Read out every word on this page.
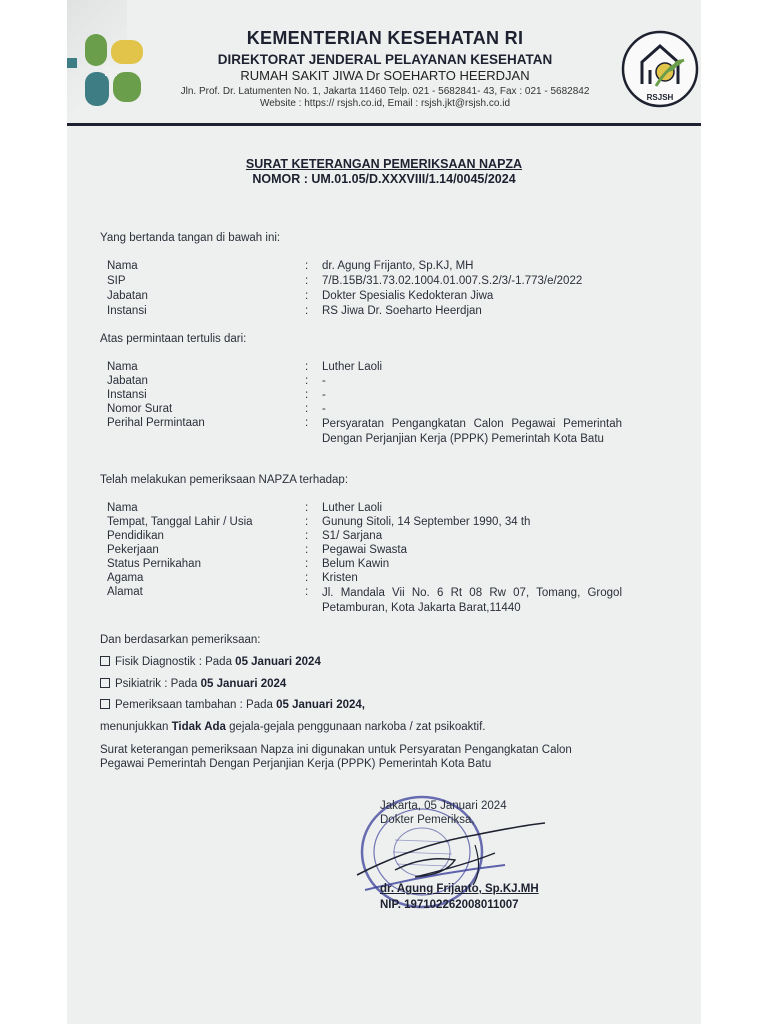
KEMENTERIAN KESEHATAN RI
DIREKTORAT JENDERAL PELAYANAN KESEHATAN
RUMAH SAKIT JIWA Dr SOEHARTO HEERDJAN
Jln. Prof. Dr. Latumenten No. 1, Jakarta 11460 Telp. 021 - 5682841- 43, Fax : 021 - 5682842
Website : https:// rsjsh.co.id, Email : rsjsh.jkt@rsjsh.co.id
RSJSH
SURAT KETERANGAN PEMERIKSAAN NAPZA
NOMOR : UM.01.05/D.XXXVIII/1.14/0045/2024
Yang bertanda tangan di bawah ini:
Nama	: dr. Agung Frijanto, Sp.KJ, MH
SIP	: 7/B.15B/31.73.02.1004.01.007.S.2/3/-1.773/e/2022
Jabatan	: Dokter Spesialis Kedokteran Jiwa
Instansi	: RS Jiwa Dr. Soeharto Heerdjan
Atas permintaan tertulis dari:
Nama	: Luther Laoli
Jabatan	: -
Instansi	: -
Nomor Surat	: -
Perihal Permintaan	: Persyaratan Pengangkatan Calon Pegawai Pemerintah Dengan Perjanjian Kerja (PPPK) Pemerintah Kota Batu
Telah melakukan pemeriksaan NAPZA terhadap:
Nama	: Luther Laoli
Tempat, Tanggal Lahir / Usia	: Gunung Sitoli, 14 September 1990, 34 th
Pendidikan	: S1/ Sarjana
Pekerjaan	: Pegawai Swasta
Status Pernikahan	: Belum Kawin
Agama	: Kristen
Alamat	: Jl. Mandala Vii No. 6 Rt 08 Rw 07, Tomang, Grogol Petamburan, Kota Jakarta Barat,11440
Dan berdasarkan pemeriksaan:
Fisik Diagnostik : Pada 05 Januari 2024
Psikiatrik : Pada 05 Januari 2024
Pemeriksaan tambahan : Pada 05 Januari 2024,
menunjukkan Tidak Ada gejala-gejala penggunaan narkoba / zat psikoaktif.
Surat keterangan pemeriksaan Napza ini digunakan untuk Persyaratan Pengangkatan Calon
Pegawai Pemerintah Dengan Perjanjian Kerja (PPPK) Pemerintah Kota Batu
Jakarta, 05 Januari 2024
Dokter Pemeriksa,
dr. Agung Frijanto, Sp.KJ.MH
NIP. 197102262008011007
